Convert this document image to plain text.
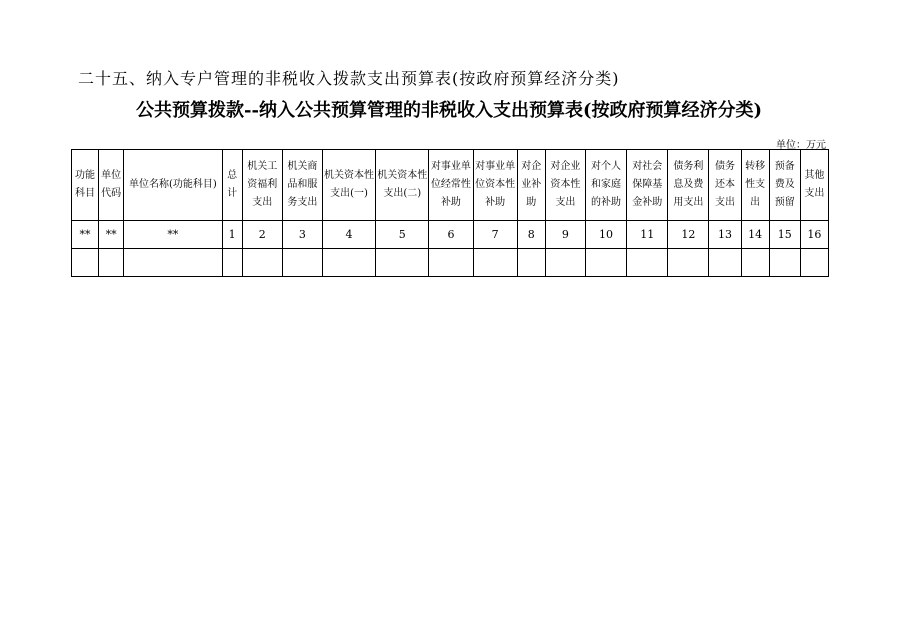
二十五、纳入专户管理的非税收入拨款支出预算表(按政府预算经济分类)
公共预算拨款--纳入公共预算管理的非税收入支出预算表(按政府预算经济分类)
单位：万元
功能科目	单位代码	单位名称(功能科目)	总计	机关工资福利支出	机关商品和服务支出	机关资本性支出(一)	机关资本性支出(二)	对事业单位经常性补助	对事业单位资本性补助	对企业补助	对企业资本性支出	对个人和家庭的补助	对社会保障基金补助	债务利息及费用支出	债务还本支出	转移性支出	预备费及预留	其他支出

**	**	**	1	2	3	4	5	6	7	8	9	10	11	12	13	14	15	16
